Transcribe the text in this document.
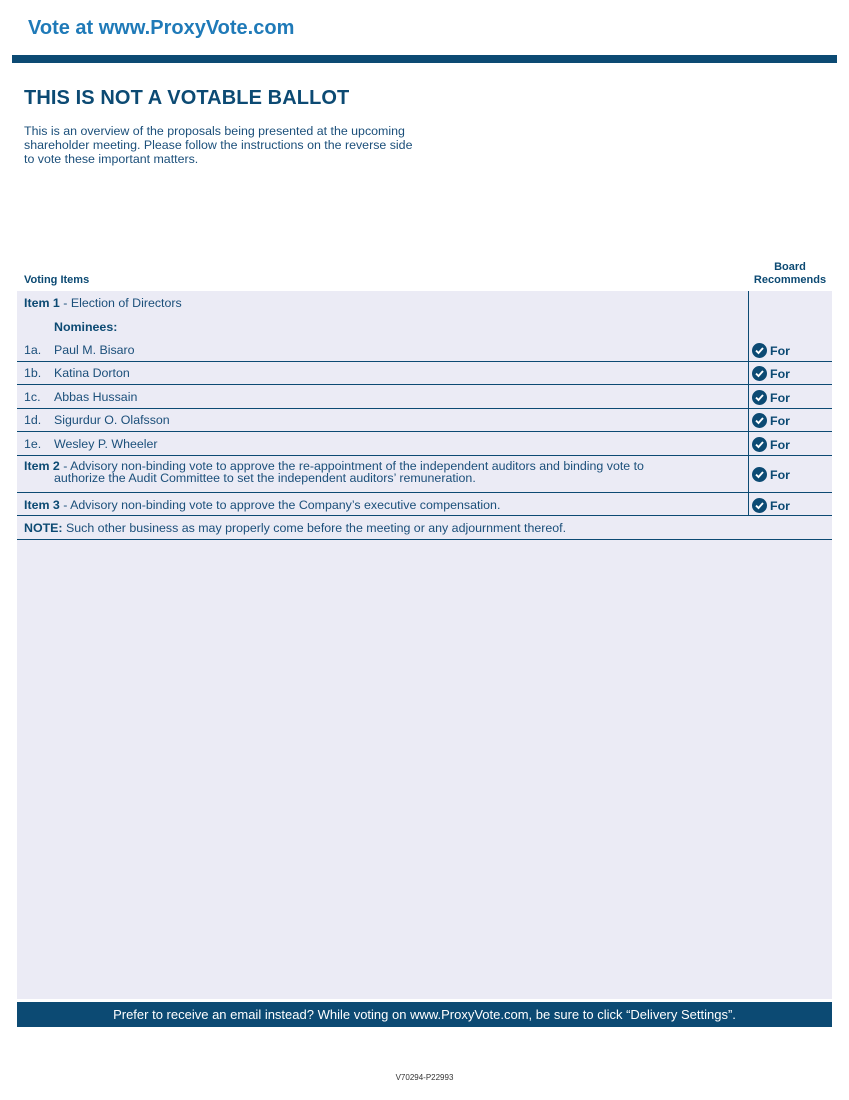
Vote at www.ProxyVote.com
THIS IS NOT A VOTABLE BALLOT
This is an overview of the proposals being presented at the upcoming shareholder meeting. Please follow the instructions on the reverse side to vote these important matters.
Voting Items
Board
Recommends
Item 1 - Election of Directors
Nominees:
1a. Paul M. Bisaro	For
1b. Katina Dorton	For
1c. Abbas Hussain	For
1d. Sigurdur O. Olafsson	For
1e. Wesley P. Wheeler	For
Item 2 - Advisory non-binding vote to approve the re-appointment of the independent auditors and binding vote to
authorize the Audit Committee to set the independent auditors’ remuneration.	For
Item 3 - Advisory non-binding vote to approve the Company’s executive compensation.	For
NOTE: Such other business as may properly come before the meeting or any adjournment thereof.
Prefer to receive an email instead? While voting on www.ProxyVote.com, be sure to click “Delivery Settings”.
V70294-P22993
